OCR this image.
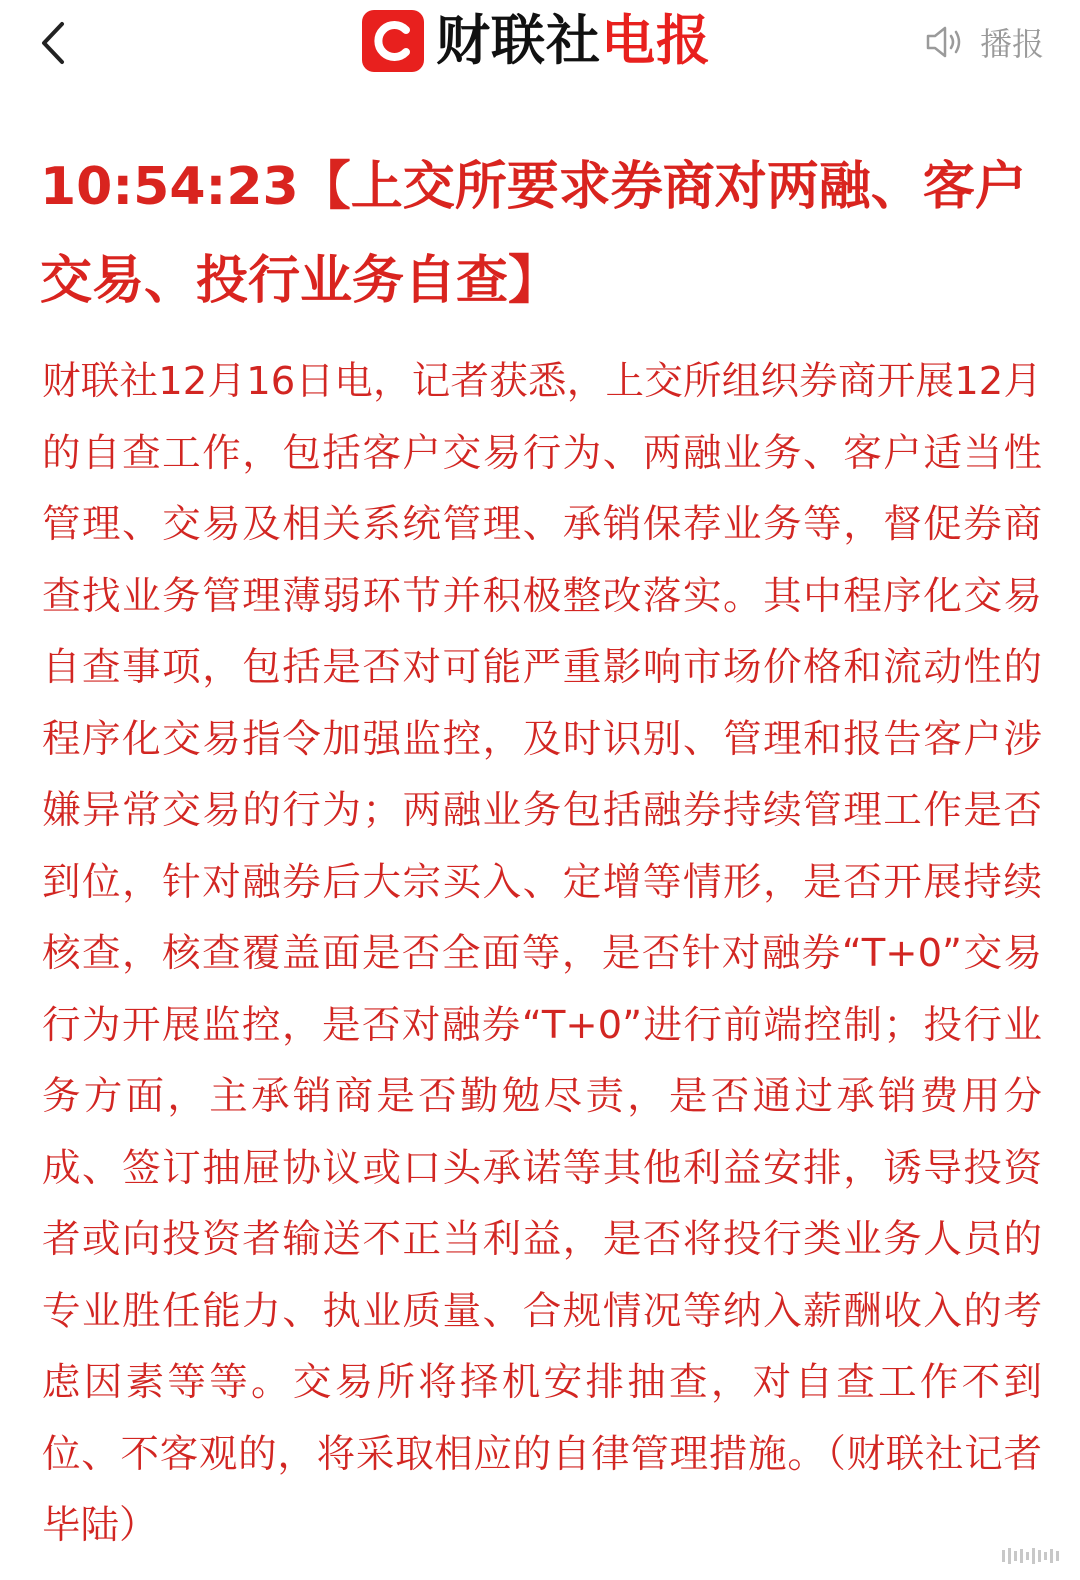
财联社电报	播报
10:54:23【上交所要求券商对两融、客户交易、投行业务自查】

财联社12月16日电，记者获悉，上交所组织券商开展12月的自查工作，包括客户交易行为、两融业务、客户适当性管理、交易及相关系统管理、承销保荐业务等，督促券商查找业务管理薄弱环节并积极整改落实。其中程序化交易自查事项，包括是否对可能严重影响市场价格和流动性的程序化交易指令加强监控，及时识别、管理和报告客户涉嫌异常交易的行为；两融业务包括融券持续管理工作是否到位，针对融券后大宗买入、定增等情形，是否开展持续核查，核查覆盖面是否全面等，是否针对融券“T+0”交易行为开展监控，是否对融券“T+0”进行前端控制；投行业务方面，主承销商是否勤勉尽责，是否通过承销费用分成、签订抽屉协议或口头承诺等其他利益安排，诱导投资者或向投资者输送不正当利益，是否将投行类业务人员的专业胜任能力、执业质量、合规情况等纳入薪酬收入的考虑因素等等。交易所将择机安排抽查，对自查工作不到位、不客观的，将采取相应的自律管理措施。（财联社记者 毕陆）
